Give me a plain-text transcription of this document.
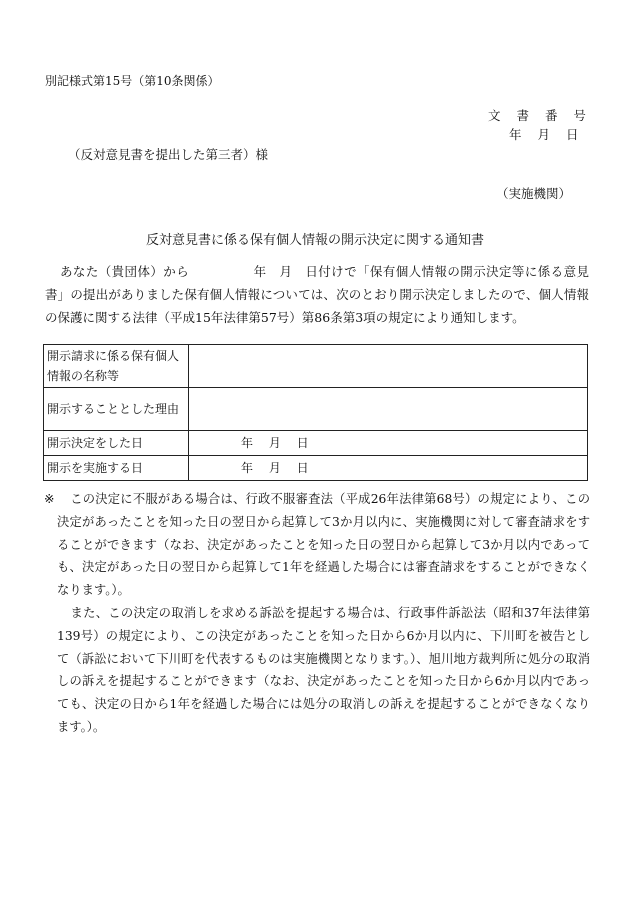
別記様式第15号（第10条関係）
文 書 番 号
年 月 日
（反対意見書を提出した第三者）様
（実施機関）
反対意見書に係る保有個人情報の開示決定に関する通知書
あなた（貴団体）から　　　　　年　月　日付けで「保有個人情報の開示決定等に係る意見書」の提出がありました保有個人情報については、次のとおり開示決定しましたので、個人情報の保護に関する法律（平成15年法律第57号）第86条第3項の規定により通知します。
開示請求に係る保有個人情報の名称等	
開示することとした理由	
開示決定をした日	年 月 日
開示を実施する日	年 月 日

※ この決定に不服がある場合は、行政不服審査法（平成26年法律第68号）の規定により、この決定があったことを知った日の翌日から起算して3か月以内に、実施機関に対して審査請求をすることができます（なお、決定があったことを知った日の翌日から起算して3か月以内であっても、決定があった日の翌日から起算して1年を経過した場合には審査請求をすることができなくなります。）。

また、この決定の取消しを求める訴訟を提起する場合は、行政事件訴訟法（昭和37年法律第139号）の規定により、この決定があったことを知った日から6か月以内に、下川町を被告として（訴訟において下川町を代表するものは実施機関となります。）、旭川地方裁判所に処分の取消しの訴えを提起することができます（なお、決定があったことを知った日から6か月以内であっても、決定の日から1年を経過した場合には処分の取消しの訴えを提起することができなくなります。）。
